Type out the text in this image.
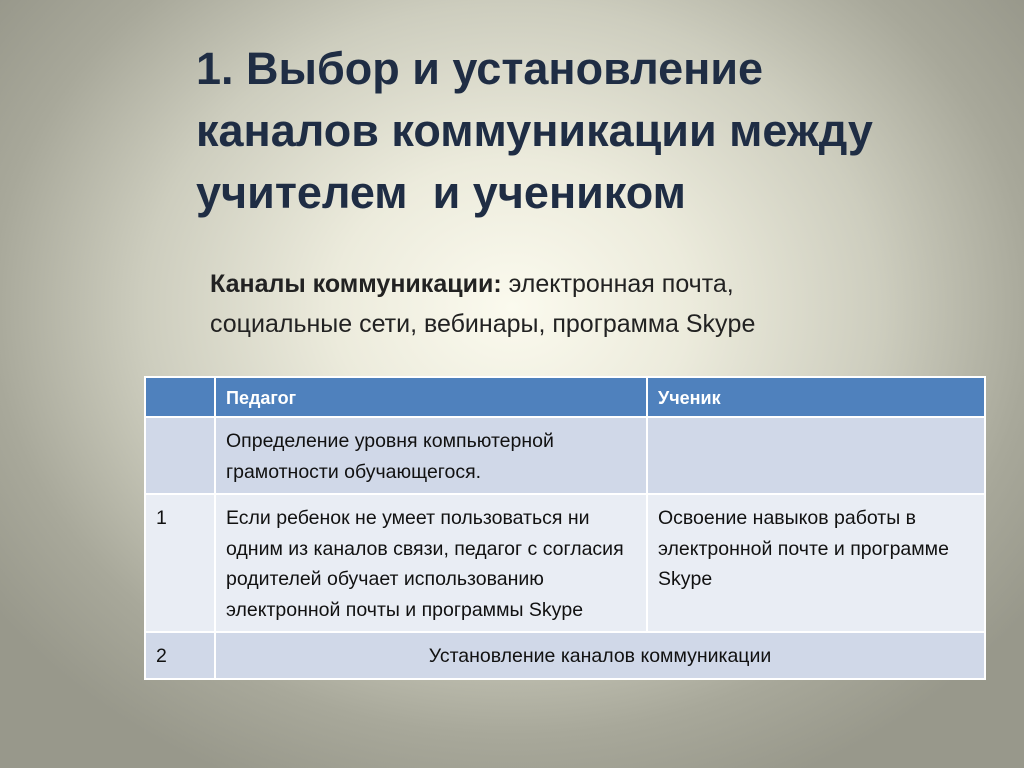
1. Выбор и установление
каналов коммуникации между
учителем  и учеником

Каналы коммуникации: электронная почта,
социальные сети, вебинары, программа Skype

	Педагог	Ученик
	Определение уровня компьютерной грамотности обучающегося.	
1	Если ребенок не умеет пользоваться ни одним из каналов связи, педагог с согласия родителей обучает использованию электронной почты и программы Skype	Освоение навыков работы в электронной почте и программе Skype
2	Установление каналов коммуникации	
